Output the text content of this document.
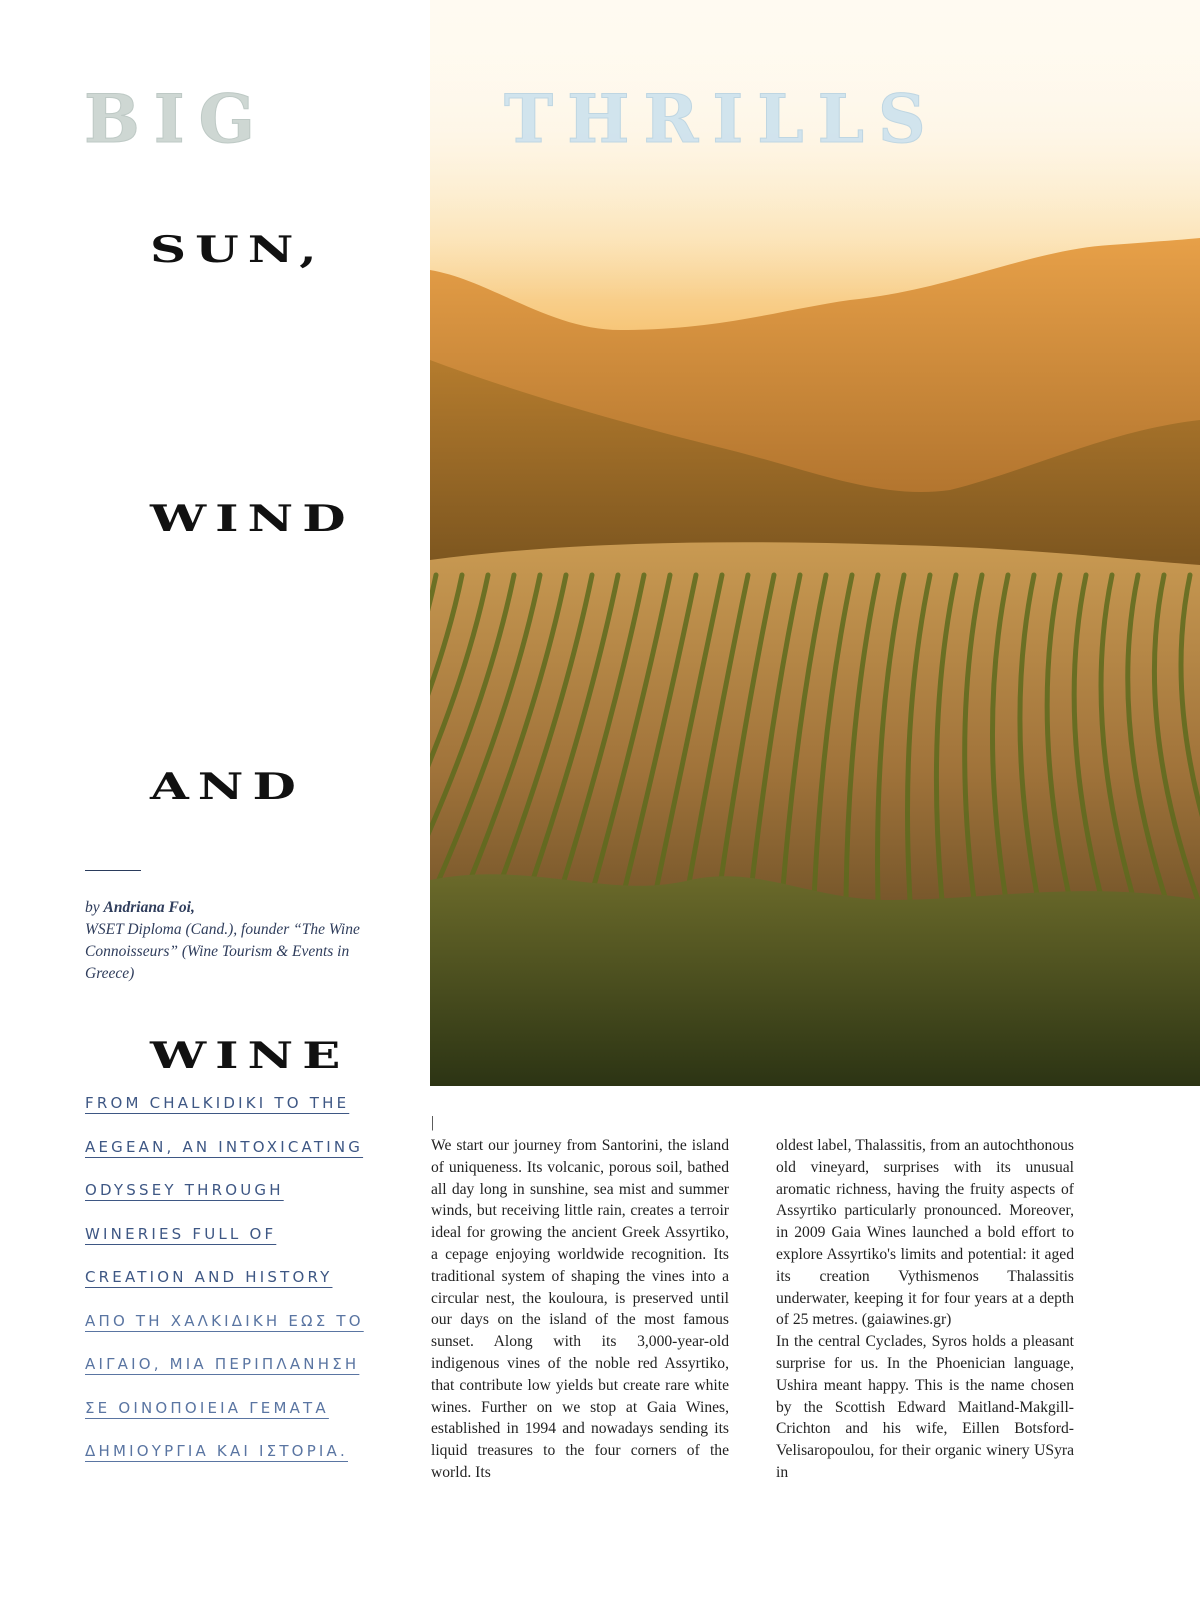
BIG	THRILLS
SUN,
WIND
AND
WINE
by Andriana Foi,
WSET Diploma (Cand.), founder “The Wine Connoisseurs” (Wine Tourism & Events in Greece)
FROM CHALKIDIKI TO THE
AEGEAN, AN INTOXICATING
ODYSSEY THROUGH
WINERIES FULL OF
CREATION AND HISTORY
ΑΠΟ ΤΗ ΧΑΛΚΙΔΙΚΗ ΕΩΣ ΤΟ
ΑΙΓΑΙΟ, ΜΙΑ ΠΕΡΙΠΛΑΝΗΣΗ
ΣΕ ΟΙΝΟΠΟΙΕΙΑ ΓΕΜΑΤΑ
ΔΗΜΙΟΥΡΓΙΑ ΚΑΙ ΙΣΤΟΡΙΑ.
|

We start our journey from Santorini, the island of uniqueness. Its volcanic, porous soil, bathed all day long in sunshine, sea mist and summer winds, but receiving little rain, creates a terroir ideal for growing the ancient Greek Assyrtiko, a cepage enjoying worldwide recognition. Its traditional system of shaping the vines into a circular nest, the kouloura, is preserved until our days on the island of the most famous sunset. Along with its 3,000-year-old indigenous vines of the noble red Assyrtiko, that contribute low yields but create rare white wines. Further on we stop at Gaia Wines, established in 1994 and nowadays sending its liquid treasures to the four corners of the world. Its

oldest label, Thalassitis, from an autochthonous old vineyard, surprises with its unusual aromatic richness, having the fruity aspects of Assyrtiko particularly pronounced. Moreover, in 2009 Gaia Wines launched a bold effort to explore Assyrtiko's limits and potential: it aged its creation Vythismenos Thalassitis underwater, keeping it for four years at a depth of 25 metres. (gaiawines.gr)

In the central Cyclades, Syros holds a pleasant surprise for us. In the Phoenician language, Ushira meant happy. This is the name chosen by the Scottish Edward Maitland-Makgill-Crichton and his wife, Eillen Botsford-Velisaropoulou, for their organic winery USyra in
